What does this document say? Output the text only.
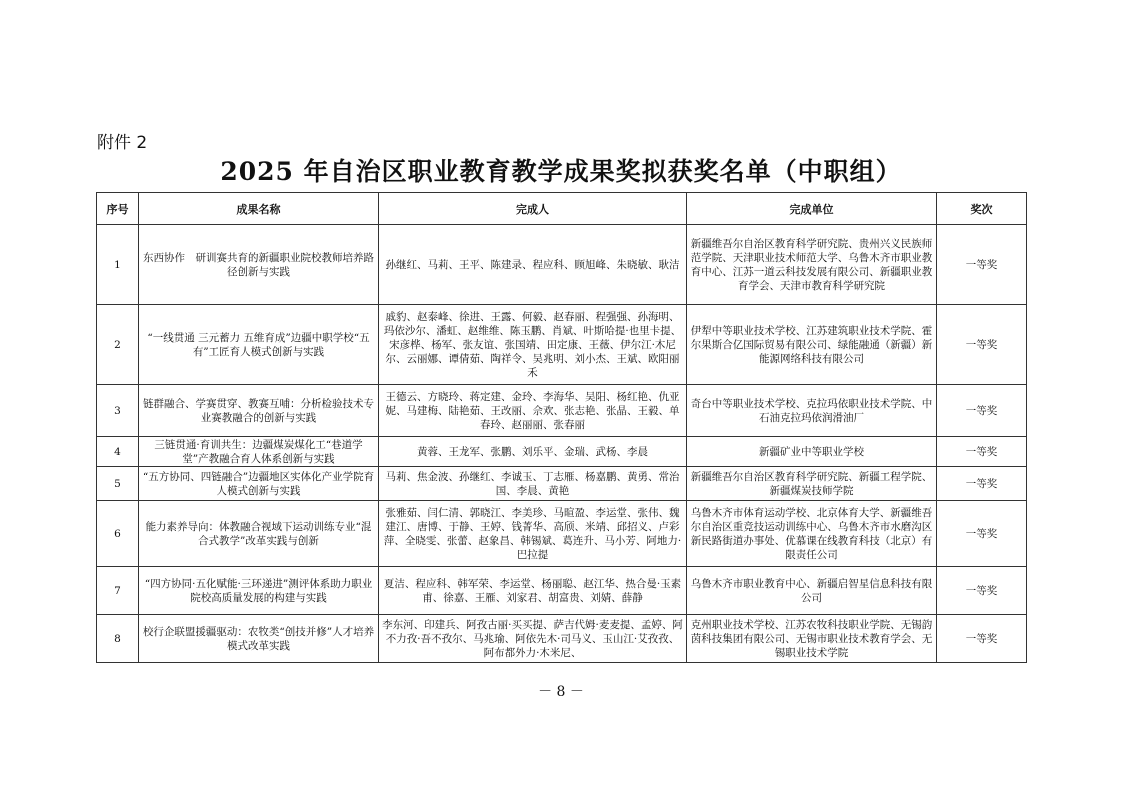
附件 2
2025 年自治区职业教育教学成果奖拟获奖名单（中职组）
序号	成果名称	完成人	完成单位	奖次
1	东西协作　研训赛共育的新疆职业院校教师培养路径创新与实践	孙继红、马莉、王平、陈建录、程应科、顾旭峰、朱晓敏、耿洁	新疆维吾尔自治区教育科学研究院、贵州兴义民族师范学院、天津职业技术师范大学、乌鲁木齐市职业教育中心、江苏一道云科技发展有限公司、新疆职业教育学会、天津市教育科学研究院	一等奖
2	“一线贯通 三元蓄力 五维育成”边疆中职学校“五有”工匠育人模式创新与实践	戚豹、赵泰峰、徐进、王露、何毅、赵春丽、程强强、孙海明、玛依沙尔、潘虹、赵维维、陈玉鹏、肖斌、叶斯哈提·也里卡提、宋彦桦、杨军、张友谊、张国靖、田定康、王薇、伊尔江·木尼尔、云丽娜、谭倩茹、陶祥令、吴兆明、刘小杰、王斌、欧阳丽禾	伊犁中等职业技术学校、江苏建筑职业技术学院、霍尔果斯合亿国际贸易有限公司、绿能融通（新疆）新能源网络科技有限公司	一等奖
3	链群融合、学赛贯穿、教赛互哺：分析检验技术专业赛教融合的创新与实践	王德云、方晓玲、蒋定建、金玲、李海华、吴阳、杨红艳、仇亚妮、马建梅、陆艳茹、王改丽、佘欢、张志艳、张晶、王毅、单春玲、赵丽丽、张春丽	奇台中等职业技术学校、克拉玛依职业技术学院、中石油克拉玛依润滑油厂	一等奖
4	三链贯通·育训共生：边疆煤炭煤化工“巷道学堂”产教融合育人体系创新与实践	黄蓉、王龙军、张鹏、刘乐平、金瑞、武杨、李晨	新疆矿业中等职业学校	一等奖
5	“五方协同、四链融合”边疆地区实体化产业学院育人模式创新与实践	马莉、焦金波、孙继红、李诚玉、丁志雁、杨嘉鹏、黄勇、常治国、李晨、黄艳	新疆维吾尔自治区教育科学研究院、新疆工程学院、新疆煤炭技师学院	一等奖
6	能力素养导向：体教融合视域下运动训练专业“混合式教学”改革实践与创新	张雅茹、闫仁清、郭晓江、李美珍、马暄盈、李运堂、张伟、魏建江、唐博、于静、王婷、钱菁华、高颀、米靖、邱招义、卢彩萍、全晓雯、张蕾、赵象昌、韩锡斌、葛连升、马小芳、阿地力·巴拉提	乌鲁木齐市体育运动学校、北京体育大学、新疆维吾尔自治区重竞技运动训练中心、乌鲁木齐市水磨沟区新民路街道办事处、优慕课在线教育科技（北京）有限责任公司	一等奖
7	“四方协同·五化赋能·三环递进”测评体系助力职业院校高质量发展的构建与实践	夏洁、程应科、韩军荣、李运堂、杨丽聪、赵江华、热合曼·玉素甫、徐嘉、王雁、刘家君、胡富贵、刘婧、薛静	乌鲁木齐市职业教育中心、新疆启智星信息科技有限公司	一等奖
8	校行企联盟援疆驱动：农牧类“创技并修”人才培养模式改革实践	李东河、印建兵、阿孜古丽·买买提、萨吉代姆·麦麦提、孟婷、阿不力孜·吾不孜尔、马兆瑜、阿依先木·司马义、玉山江·艾孜孜、阿布都外力·木米尼、	克州职业技术学校、江苏农牧科技职业学院、无锡韵茵科技集团有限公司、无锡市职业技术教育学会、无锡职业技术学院	一等奖
－ 8 －
